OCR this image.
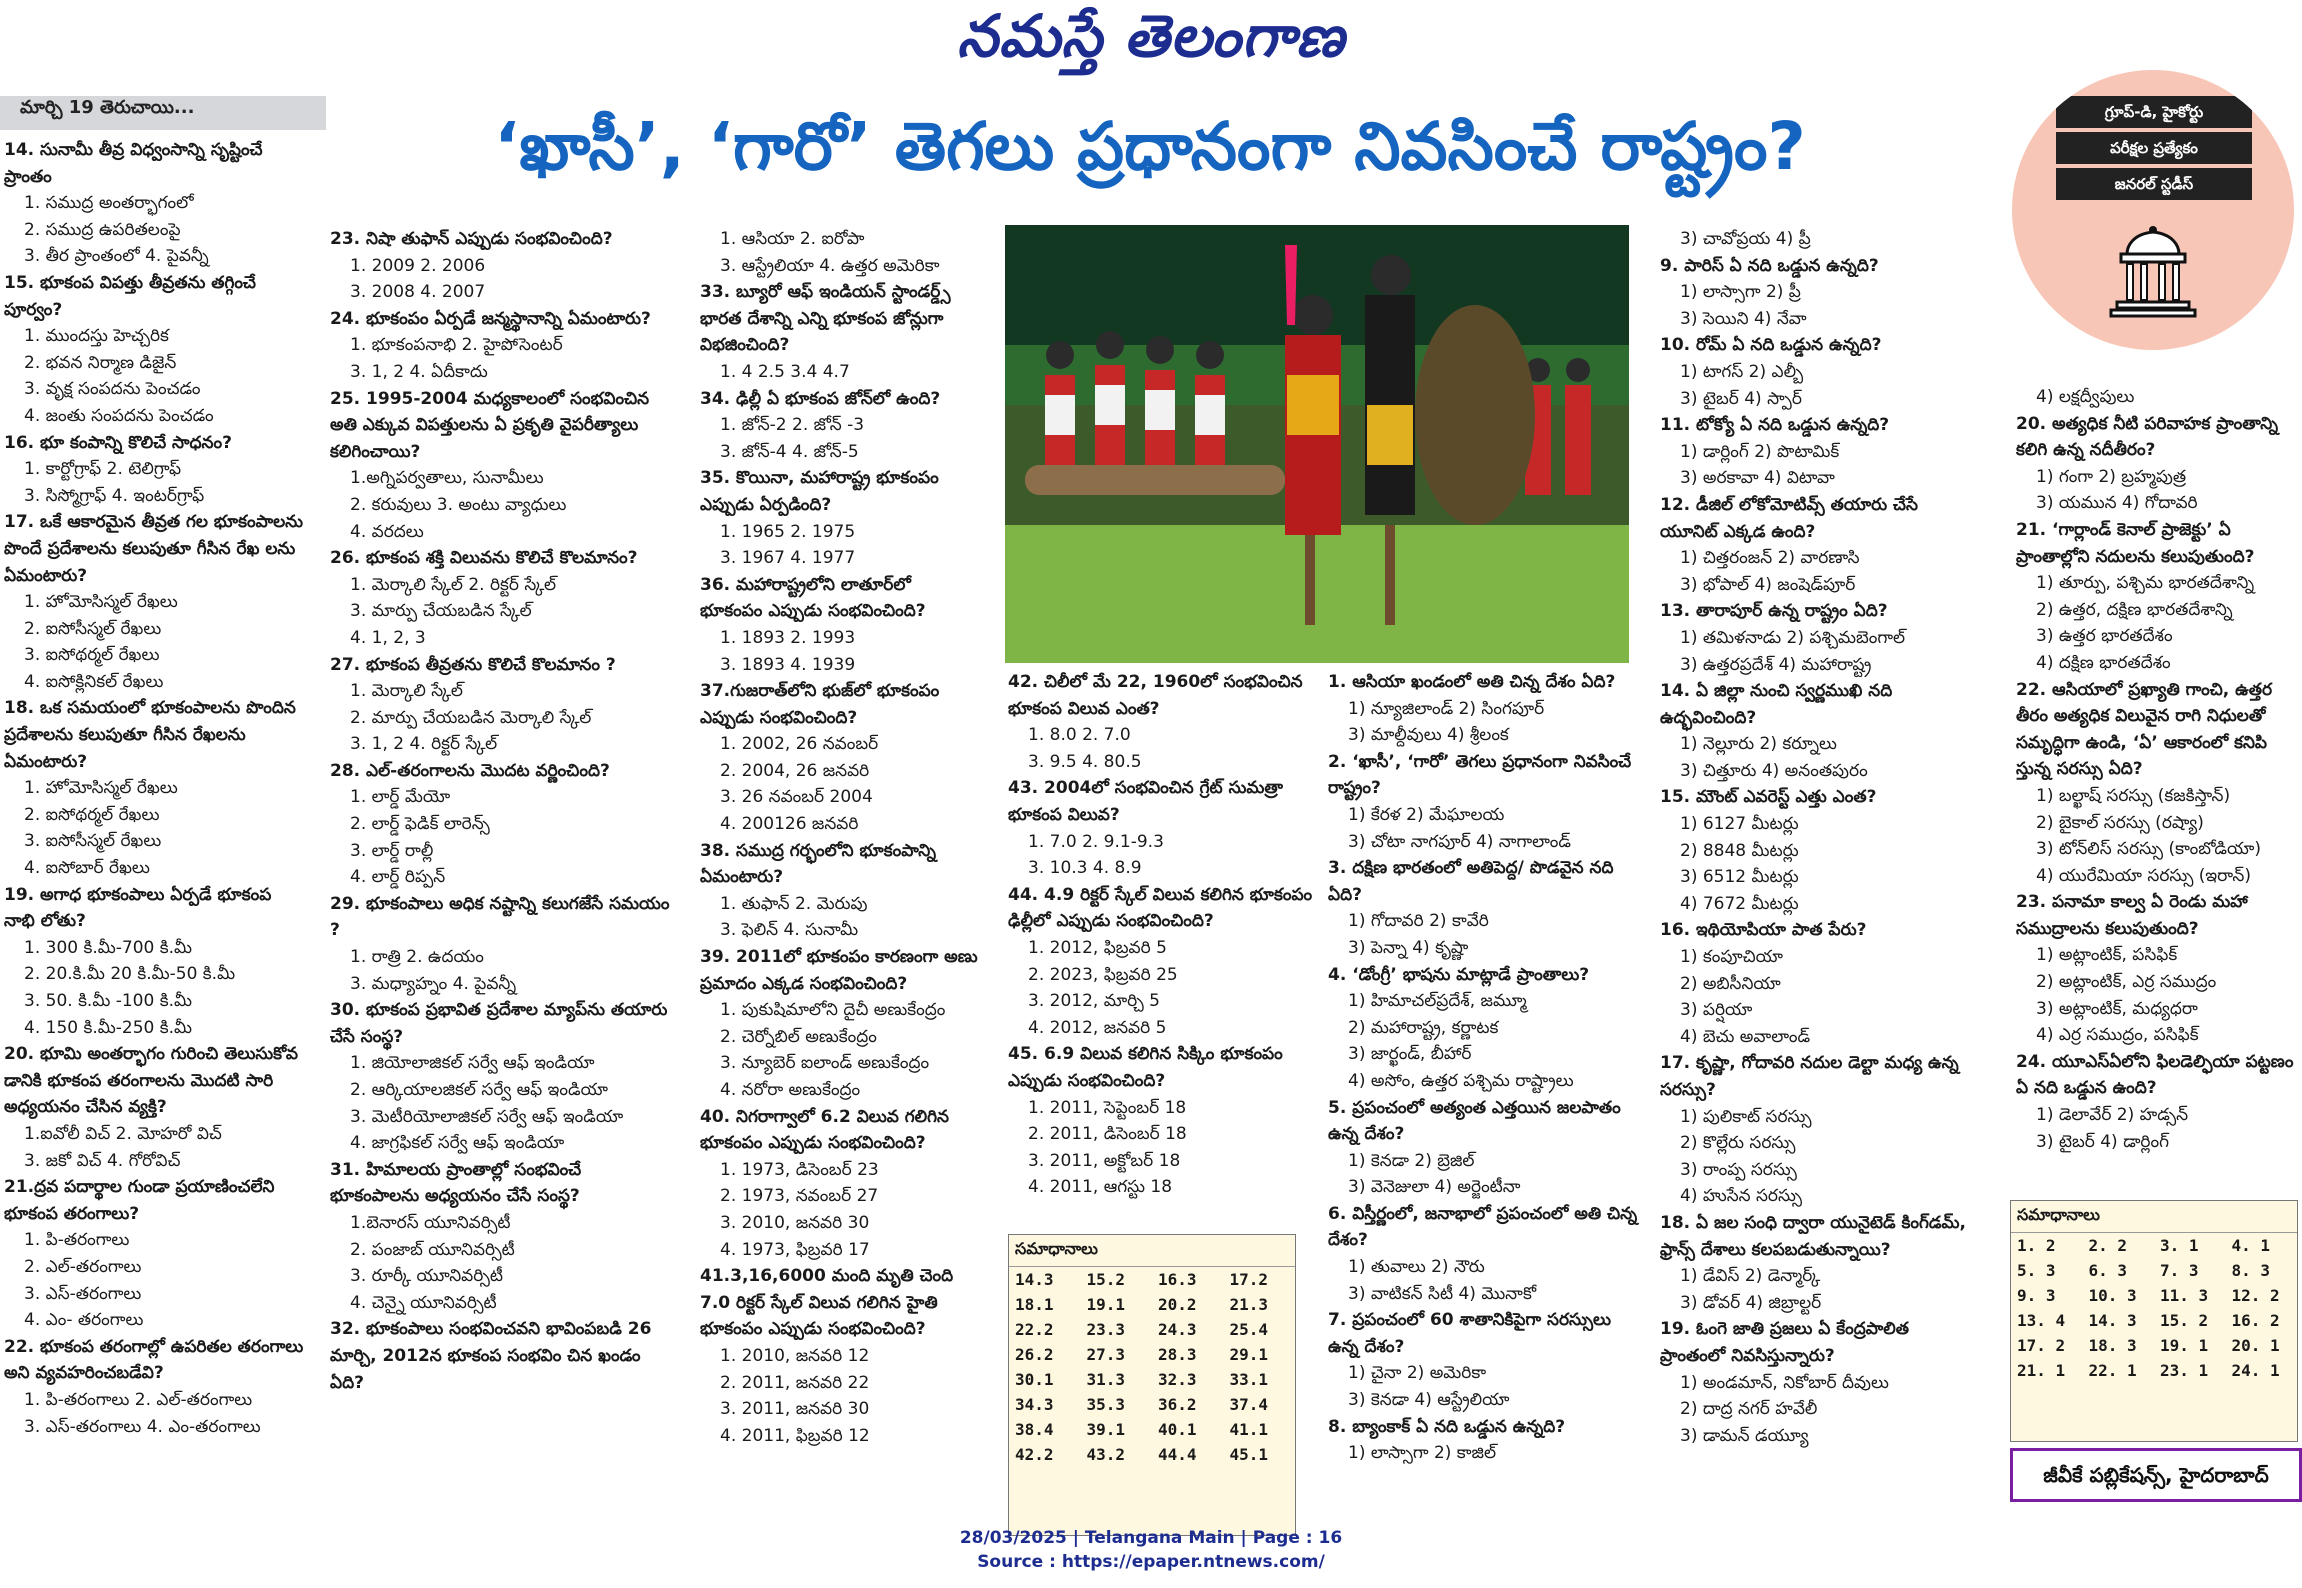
నమస్తే తెలంగాణ
మార్చి 19 తెరుచాయి...
‘ఖాసీ’, ‘గారో’ తెగలు ప్రధానంగా నివసించే రాష్ట్రం?	గ్రూప్-డి, హైకోర్టు
పరీక్షల ప్రత్యేకం
జనరల్ స్టడీస్
14. సునామీ తీవ్ర విధ్వంసాన్ని సృష్టించే ప్రాంతం
1. సముద్ర అంతర్భాగంలో
2. సముద్ర ఉపరితలంపై
3. తీర ప్రాంతంలో 4. పైవన్నీ
15. భూకంప విపత్తు తీవ్రతను తగ్గించే పూర్వం?
1. ముందస్తు హెచ్చరిక
2. భవన నిర్మాణ డిజైన్
3. వృక్ష సంపదను పెంచడం
4. జంతు సంపదను పెంచడం
16. భూ కంపాన్ని కొలిచే సాధనం?
1. కార్టోగ్రాఫ్ 2. టెలిగ్రాఫ్
3. సిస్మోగ్రాఫ్ 4. ఇంటర్‌గ్రాఫ్
17. ఒకే ఆకారమైన తీవ్రత గల భూకంపాలను పొందే ప్రదేశాలను కలుపుతూ గీసిన రేఖ లను ఏమంటారు?
1. హోమోసిస్మల్ రేఖలు
2. ఐసోసీస్మల్ రేఖలు
3. ఐసోథర్మల్ రేఖలు
4. ఐసోక్లినికల్ రేఖలు
18. ఒక సమయంలో భూకంపాలను పొందిన ప్రదేశాలను కలుపుతూ గీసిన రేఖలను ఏమంటారు?
1. హోమోసిస్మల్ రేఖలు
2. ఐసోథర్మల్ రేఖలు
3. ఐసోసీస్మల్ రేఖలు
4. ఐసోబార్ రేఖలు
19. అగాధ భూకంపాలు ఏర్పడే భూకంప నాభి లోతు?
1. 300 కి.మీ-700 కి.మీ
2. 20.కి.మీ 20 కి.మీ-50 కి.మీ
3. 50. కి.మీ -100 కి.మీ
4. 150 కి.మీ-250 కి.మీ
20. భూమి అంతర్భాగం గురించి తెలుసుకోవ డానికి భూకంప తరంగాలను మొదటి సారి అధ్యయనం చేసిన వ్యక్తి?
1.ఐవోలీ విచ్ 2. మోహరో విచ్
3. జకో విచ్ 4. గోరోవిచ్
21.ద్రవ పదార్థాల గుండా ప్రయాణించలేని భూకంప తరంగాలు?
1. పి-తరంగాలు
2. ఎల్-తరంగాలు
3. ఎస్-తరంగాలు
4. ఎం- తరంగాలు
22. భూకంప తరంగాల్లో ఉపరితల తరంగాలు అని వ్యవహరించబడేవి?
1. పి-తరంగాలు 2. ఎల్-తరంగాలు
3. ఎస్-తరంగాలు 4. ఎం-తరంగాలు
23. నిషా తుఫాన్ ఎప్పుడు సంభవించింది?
1. 2009 2. 2006
3. 2008 4. 2007
24. భూకంపం ఏర్పడే జన్మస్థానాన్ని ఏమంటారు?
1. భూకంపనాభి 2. హైపోసెంటర్
3. 1, 2 4. ఏదీకాదు
25. 1995-2004 మధ్యకాలంలో సంభవించిన అతి ఎక్కువ విపత్తులను ఏ ప్రకృతి వైపరీత్యాలు కలిగించాయి?
1.అగ్నిపర్వతాలు, సునామీలు
2. కరువులు 3. అంటు వ్యాధులు
4. వరదలు
26. భూకంప శక్తి విలువను కొలిచే కొలమానం?
1. మెర్కాలి స్కేల్ 2. రిక్టర్ స్కేల్
3. మార్పు చేయబడిన స్కేల్
4. 1, 2, 3
27. భూకంప తీవ్రతను కొలిచే కొలమానం ?
1. మెర్కాలి స్కేల్
2. మార్పు చేయబడిన మెర్కాలి స్కేల్
3. 1, 2 4. రిక్టర్ స్కేల్
28. ఎల్-తరంగాలను మొదట వర్ణించింది?
1. లార్డ్ మేయో
2. లార్డ్ ఫెడిక్ లారెన్స్
3. లార్డ్ రాల్లీ
4. లార్డ్ రిప్పన్
29. భూకంపాలు అధిక నష్టాన్ని కలుగజేసే సమయం ?
1. రాత్రి 2. ఉదయం
3. మధ్యాహ్నం 4. పైవన్నీ
30. భూకంప ప్రభావిత ప్రదేశాల మ్యాప్‌ను తయారు చేసే సంస్థ?
1. జియోలాజికల్ సర్వే ఆఫ్ ఇండియా
2. ఆర్కియాలజికల్ సర్వే ఆఫ్ ఇండియా
3. మెటీరియోలాజికల్ సర్వే ఆఫ్ ఇండియా
4. జాగ్రఫికల్ సర్వే ఆఫ్ ఇండియా
31. హిమాలయ ప్రాంతాల్లో సంభవించే భూకంపాలను అధ్యయనం చేసే సంస్థ?
1.బెనారస్ యూనివర్సిటీ
2. పంజాబ్ యూనివర్సిటీ
3. రూర్కీ యూనివర్సిటీ
4. చెన్నై యూనివర్సిటీ
32. భూకంపాలు సంభవించవని భావింపబడి 26 మార్చి, 2012న భూకంప సంభవిం చిన ఖండం ఏది?
1. ఆసియా 2. ఐరోపా
3. ఆస్ట్రేలియా 4. ఉత్తర అమెరికా
33. బ్యూరో ఆఫ్ ఇండియన్ స్టాండర్డ్స్ భారత దేశాన్ని ఎన్ని భూకంప జోన్లుగా విభజించింది?
1. 4 2.5 3.4 4.7
34. ఢిల్లీ ఏ భూకంప జోన్‌లో ఉంది?
1. జోన్-2 2. జోన్ -3
3. జోన్-4 4. జోన్-5
35. కొయినా, మహారాష్ట్ర భూకంపం ఎప్పుడు ఏర్పడింది?
1. 1965 2. 1975
3. 1967 4. 1977
36. మహారాష్ట్రలోని లాతూర్‌లో భూకంపం ఎప్పుడు సంభవించింది?
1. 1893 2. 1993
3. 1893 4. 1939
37.గుజరాత్‌లోని భుజ్‌లో భూకంపం ఎప్పుడు సంభవించింది?
1. 2002, 26 నవంబర్
2. 2004, 26 జనవరి
3. 26 నవంబర్ 2004
4. 200126 జనవరి
38. సముద్ర గర్భంలోని భూకంపాన్ని ఏమంటారు?
1. తుఫాన్ 2. మెరుపు
3. ఫెలిన్ 4. సునామీ
39. 2011లో భూకంపం కారణంగా అణు ప్రమాదం ఎక్కడ సంభవించింది?
1. పుకుషిమాలోని దైచీ అణుకేంద్రం
2. చెర్నోబిల్ అణుకేంద్రం
3. న్యూబెర్ ఐలాండ్ అణుకేంద్రం
4. నరోరా అణుకేంద్రం
40. నిగరాగ్వాలో 6.2 విలువ గలిగిన భూకంపం ఎప్పుడు సంభవించింది?
1. 1973, డిసెంబర్ 23
2. 1973, నవంబర్ 27
3. 2010, జనవరి 30
4. 1973, ఫిబ్రవరి 17
41.3,16,6000 మంది మృతి చెంది 7.0 రిక్టర్ స్కేల్ విలువ గలిగిన హైతి భూకంపం ఎప్పుడు సంభవించింది?
1. 2010, జనవరి 12
2. 2011, జనవరి 22
3. 2011, జనవరి 30
4. 2011, ఫిబ్రవరి 12
42. చిలీలో మే 22, 1960లో సంభవించిన భూకంప విలువ ఎంత?
1. 8.0 2. 7.0
3. 9.5 4. 80.5
43. 2004లో సంభవించిన గ్రేట్ సుమత్రా భూకంప విలువ?
1. 7.0 2. 9.1-9.3
3. 10.3 4. 8.9
44. 4.9 రిక్టర్ స్కేల్ విలువ కలిగిన భూకంపం ఢిల్లీలో ఎప్పుడు సంభవించింది?
1. 2012, ఫిబ్రవరి 5
2. 2023, ఫిబ్రవరి 25
3. 2012, మార్చి 5
4. 2012, జనవరి 5
45. 6.9 విలువ కలిగిన సిక్కిం భూకంపం ఎప్పుడు సంభవించింది?
1. 2011, సెప్టెంబర్ 18
2. 2011, డిసెంబర్ 18
3. 2011, అక్టోబర్ 18
4. 2011, ఆగస్టు 18
1. ఆసియా ఖండంలో అతి చిన్న దేశం ఏది?
1) న్యూజిలాండ్ 2) సింగపూర్
3) మాల్దీవులు 4) శ్రీలంక
2. ‘ఖాసీ’, ‘గారో’ తెగలు ప్రధానంగా నివసించే రాష్ట్రం?
1) కేరళ 2) మేఘాలయ
3) చోటా నాగపూర్ 4) నాగాలాండ్
3. దక్షిణ భారతంలో అతిపెద్ద/ పొడవైన నది ఏది?
1) గోదావరి 2) కావేరి
3) పెన్నా 4) కృష్ణా
4. ‘డోంగ్రీ’ భాషను మాట్లాడే ప్రాంతాలు?
1) హిమాచల్‌ప్రదేశ్, జమ్మూ
2) మహారాష్ట్ర, కర్ణాటక
3) జార్ఖండ్, బీహార్
4) అసోం, ఉత్తర పశ్చిమ రాష్ట్రాలు
5. ప్రపంచంలో అత్యంత ఎత్తయిన జలపాతం ఉన్న దేశం?
1) కెనడా 2) బ్రెజిల్
3) వెనెజులా 4) అర్జెంటీనా
6. విస్తీర్ణంలో, జనాభాలో ప్రపంచంలో అతి చిన్న దేశం?
1) తువాలు 2) నౌరు
3) వాటికన్ సిటీ 4) మొనాకో
7. ప్రపంచంలో 60 శాతానికిపైగా సరస్సులు ఉన్న దేశం?
1) చైనా 2) అమెరికా
3) కెనడా 4) ఆస్ట్రేలియా
8. బ్యాంకాక్ ఏ నది ఒడ్డున ఉన్నది?
1) లాస్సాగా 2) కాజిల్
3) చావోప్రయ 4) ప్రీ
9. పారిస్ ఏ నది ఒడ్డున ఉన్నది?
1) లాస్సాగా 2) ప్రీ
3) సెయిని 4) నేవా
10. రోమ్ ఏ నది ఒడ్డున ఉన్నది?
1) టాగస్ 2) ఎల్బీ
3) టైబర్ 4) స్పార్
11. టోక్యో ఏ నది ఒడ్డున ఉన్నది?
1) డార్లింగ్ 2) పొటామిక్
3) అరకావా 4) విటావా
12. డీజిల్ లోకోమోటివ్స్ తయారు చేసే యూనిట్ ఎక్కడ ఉంది?
1) చిత్తరంజన్ 2) వారణాసి
3) భోపాల్ 4) జంషెడ్‌పూర్
13. తారాపూర్ ఉన్న రాష్ట్రం ఏది?
1) తమిళనాడు 2) పశ్చిమబెంగాల్
3) ఉత్తరప్రదేశ్ 4) మహారాష్ట్ర
14. ఏ జిల్లా నుంచి స్వర్ణముఖి నది ఉద్భవించింది?
1) నెల్లూరు 2) కర్నూలు
3) చిత్తూరు 4) అనంతపురం
15. మౌంట్ ఎవరెస్ట్ ఎత్తు ఎంత?
1) 6127 మీటర్లు
2) 8848 మీటర్లు
3) 6512 మీటర్లు
4) 7672 మీటర్లు
16. ఇథియోపియా పాత పేరు?
1) కంపూచియా
2) అబిసీనియా
3) పర్షియా
4) బెచు అవాలాండ్
17. కృష్ణా, గోదావరి నదుల డెల్టా మధ్య ఉన్న సరస్సు?
1) పులికాట్ సరస్సు
2) కొల్లేరు సరస్సు
3) రాంప్ప సరస్సు
4) హుసేన సరస్సు
18. ఏ జల సంధి ద్వారా యునైటెడ్ కింగ్‌డమ్, ఫ్రాన్స్ దేశాలు కలపబడుతున్నాయి?
1) డేవిస్ 2) డెన్మార్క్
3) డోవర్ 4) జిబ్రాల్టర్
19. ఓంగె జాతి ప్రజలు ఏ కేంద్రపాలిత ప్రాంతంలో నివసిస్తున్నారు?
1) అండమాన్, నికోబార్ దీవులు
2) దాద్ర నగర్ హవేలీ
3) డామన్ డయ్యూ
4) లక్షద్వీపులు
20. అత్యధిక నీటి పరివాహక ప్రాంతాన్ని కలిగి ఉన్న నదీతీరం?
1) గంగా 2) బ్రహ్మపుత్ర
3) యమున 4) గోదావరి
21. ‘గార్లాండ్ కెనాల్ ప్రాజెక్టు’ ఏ ప్రాంతాల్లోని నదులను కలుపుతుంది?
1) తూర్పు, పశ్చిమ భారతదేశాన్ని
2) ఉత్తర, దక్షిణ భారతదేశాన్ని
3) ఉత్తర భారతదేశం
4) దక్షిణ భారతదేశం
22. ఆసియాలో ప్రఖ్యాతి గాంచి, ఉత్తర తీరం అత్యధిక విలువైన రాగి నిధులతో సమృద్ధిగా ఉండి, ‘ఏ’ ఆకారంలో కనిపి స్తున్న సరస్సు ఏది?
1) బల్ఖాష్ సరస్సు (కజకిస్తాన్)
2) బైకాల్ సరస్సు (రష్యా)
3) టోన్‌లిస్ సరస్సు (కాంబోడియా)
4) యురేమియా సరస్సు (ఇరాన్)
23. పనామా కాల్వ ఏ రెండు మహా సముద్రాలను కలుపుతుంది?
1) అట్లాంటిక్, పసిఫిక్
2) అట్లాంటిక్, ఎర్ర సముద్రం
3) అట్లాంటిక్, మధ్యధరా
4) ఎర్ర సముద్రం, పసిఫిక్
24. యూఎస్ఏలోని ఫిలడెల్ఫియా పట్టణం ఏ నది ఒడ్డున ఉంది?
1) డెలావేర్ 2) హడ్సన్
3) టైబర్ 4) డార్లింగ్
సమాధానాలు
14.3	15.2	16.3	17.2
18.1	19.1	20.2	21.3
22.2	23.3	24.3	25.4
26.2	27.3	28.3	29.1
30.1	31.3	32.3	33.1
34.3	35.3	36.2	37.4
38.4	39.1	40.1	41.1
42.2	43.2	44.4	45.1
సమాధానాలు
1. 2	2. 2	3. 1	4. 1
5. 3	6. 3	7. 3	8. 3
9. 3	10. 3	11. 3	12. 2
13. 4	14. 3	15. 2	16. 2
17. 2	18. 3	19. 1	20. 1
21. 1	22. 1	23. 1	24. 1
జీవీకే పబ్లికేషన్స్, హైదరాబాద్
28/03/2025 | Telangana Main | Page : 16
Source : https://epaper.ntnews.com/
